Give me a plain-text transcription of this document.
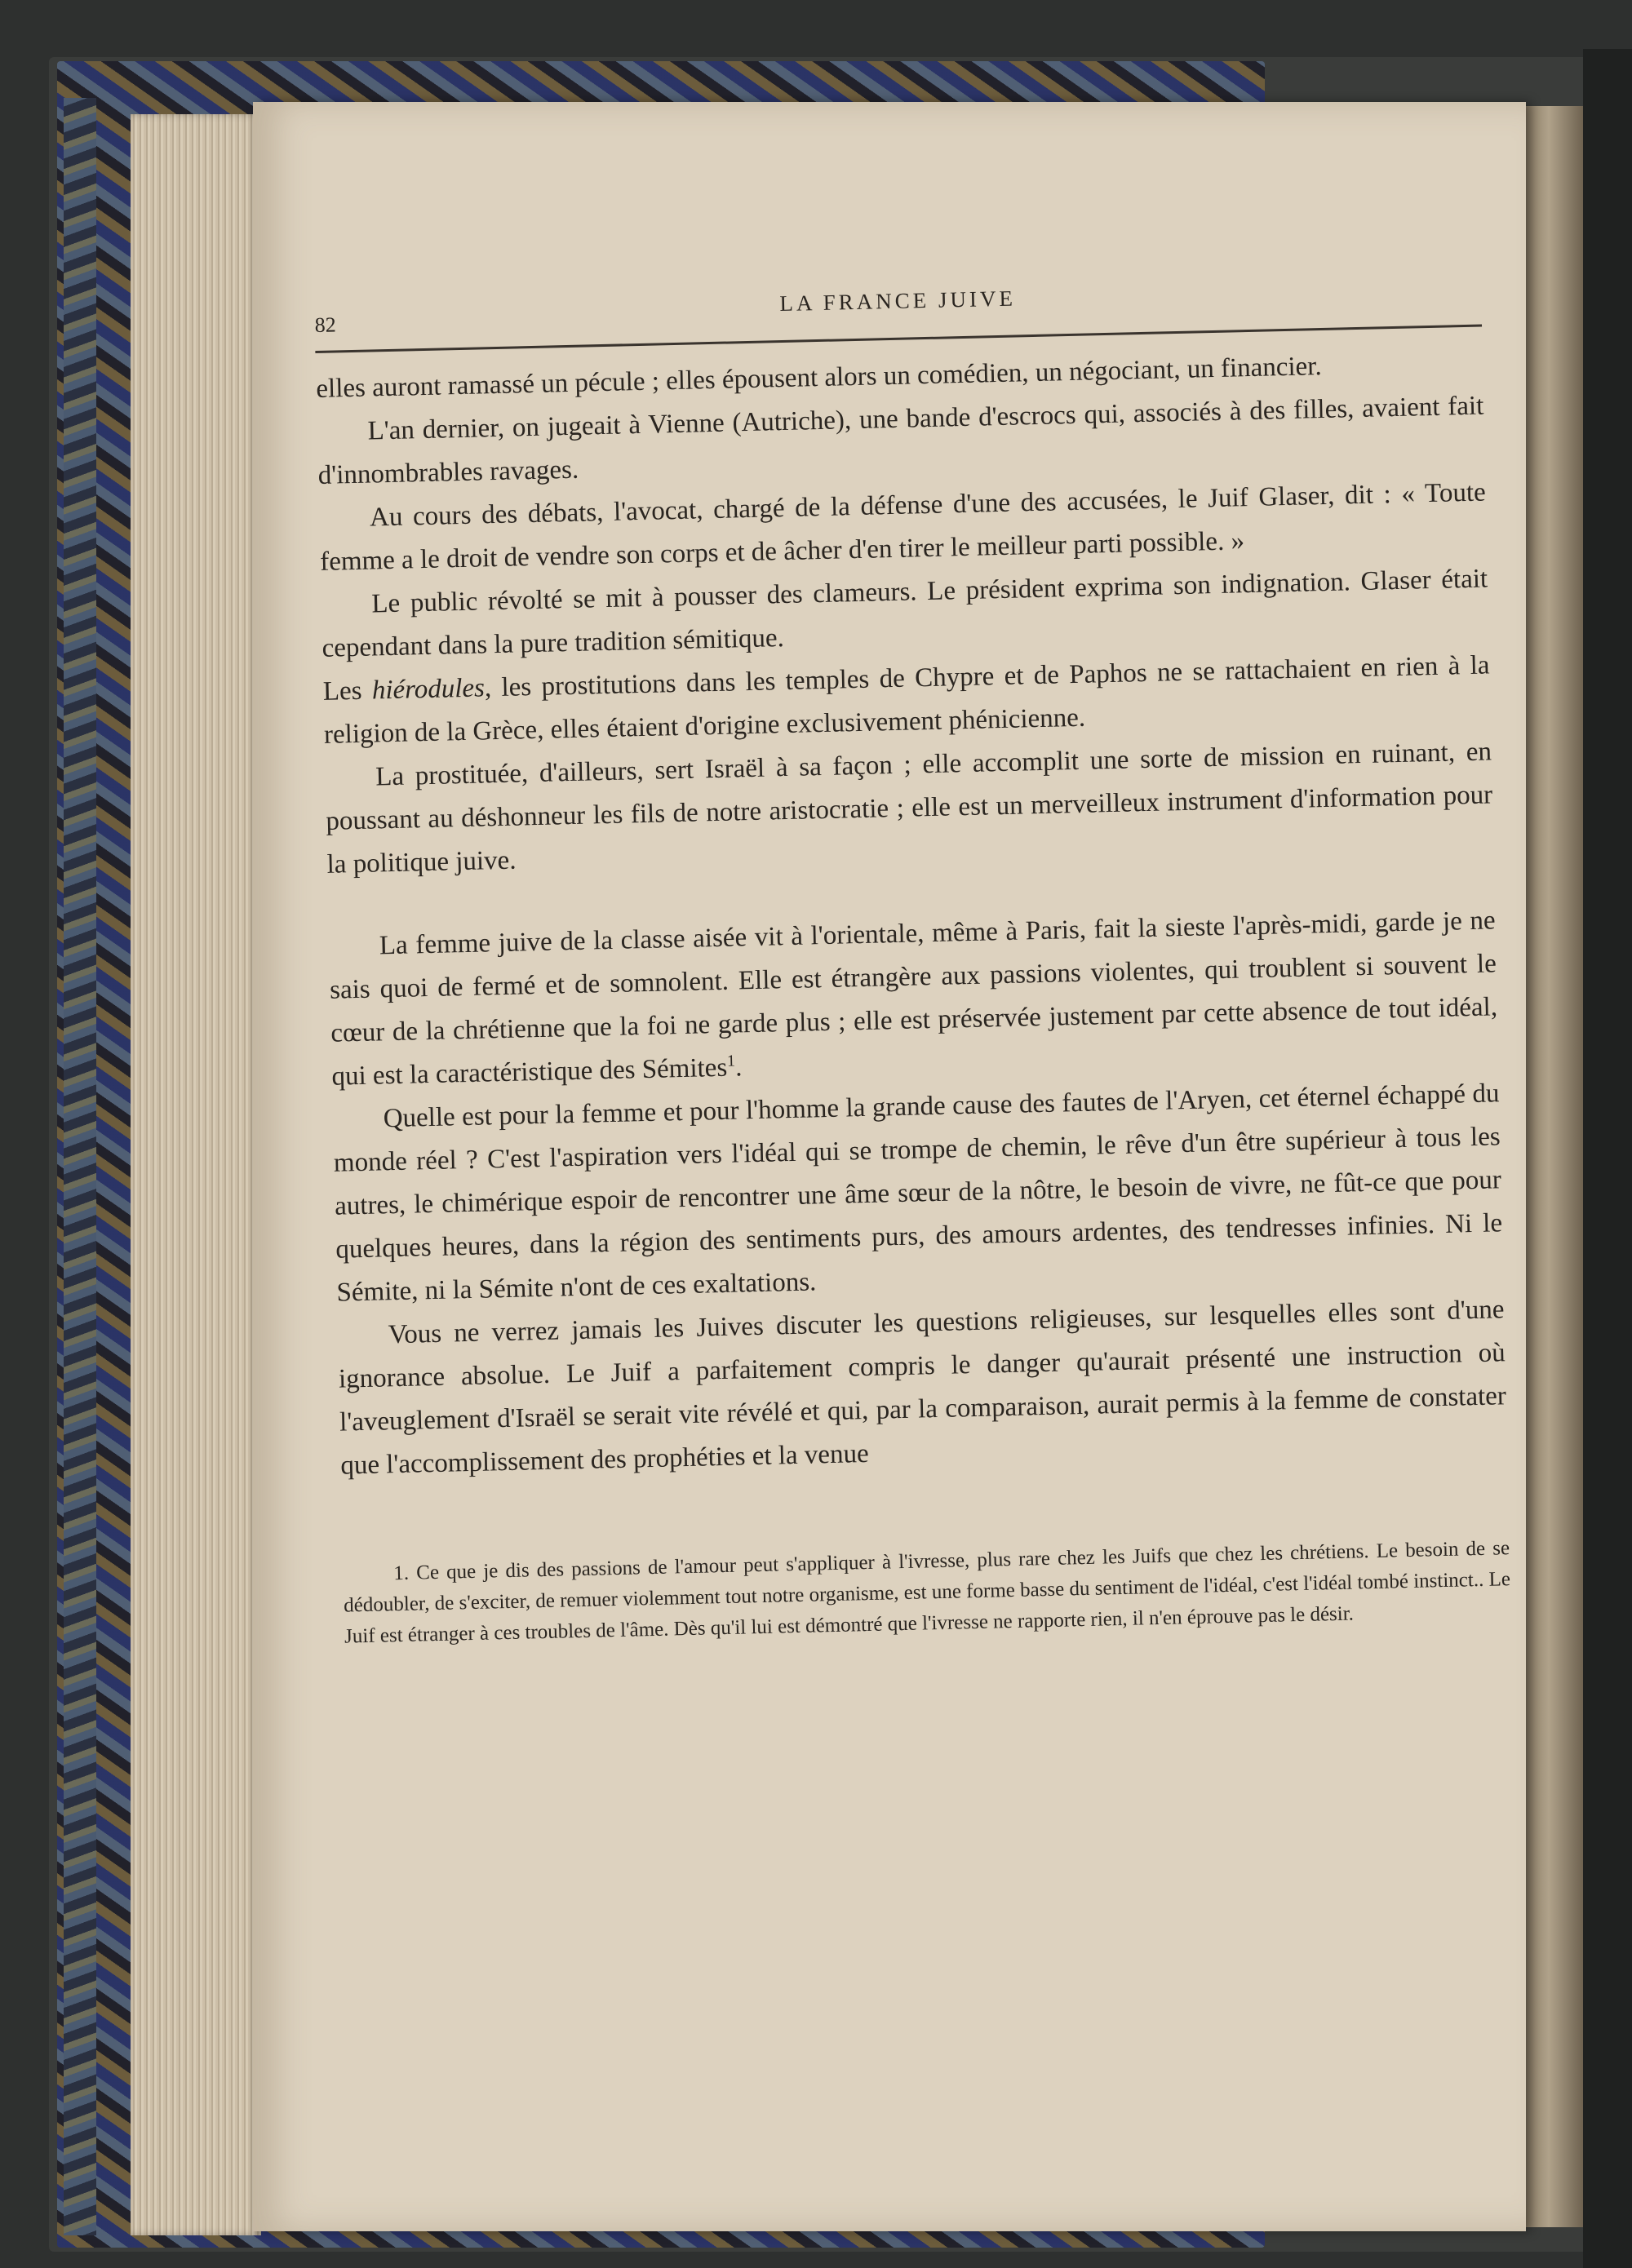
82
LA FRANCE JUIVE

elles auront ramassé un pécule ; elles épousent alors un comédien, un négociant, un financier.

L'an dernier, on jugeait à Vienne (Autriche), une bande d'escrocs qui, associés à des filles, avaient fait d'innombrables ravages.

Au cours des débats, l'avocat, chargé de la défense d'une des accusées, le Juif Glaser, dit : « Toute femme a le droit de vendre son corps et de âcher d'en tirer le meilleur parti possible. »

Le public révolté se mit à pousser des clameurs. Le président exprima son indignation. Glaser était cependant dans la pure tradition sémitique.

Les hiérodules, les prostitutions dans les temples de Chypre et de Paphos ne se rattachaient en rien à la religion de la Grèce, elles étaient d'origine exclusivement phénicienne.

La prostituée, d'ailleurs, sert Israël à sa façon ; elle accomplit une sorte de mission en ruinant, en poussant au déshonneur les fils de notre aristocratie ; elle est un merveilleux instrument d'information pour la politique juive.

La femme juive de la classe aisée vit à l'orientale, même à Paris, fait la sieste l'après-midi, garde je ne sais quoi de fermé et de somnolent. Elle est étrangère aux passions violentes, qui troublent si souvent le cœur de la chrétienne que la foi ne garde plus ; elle est préservée justement par cette absence de tout idéal, qui est la caractéristique des Sémites$^1$.

Quelle est pour la femme et pour l'homme la grande cause des fautes de l'Aryen, cet éternel échappé du monde réel ? C'est l'aspiration vers l'idéal qui se trompe de chemin, le rêve d'un être supérieur à tous les autres, le chimérique espoir de rencontrer une âme sœur de la nôtre, le besoin de vivre, ne fût-ce que pour quelques heures, dans la région des sentiments purs, des amours ardentes, des tendresses infinies. Ni le Sémite, ni la Sémite n'ont de ces exaltations.

Vous ne verrez jamais les Juives discuter les questions religieuses, sur lesquelles elles sont d'une ignorance absolue. Le Juif a parfaitement compris le danger qu'aurait présenté une instruction où l'aveuglement d'Israël se serait vite révélé et qui, par la comparaison, aurait permis à la femme de constater que l'accomplissement des prophéties et la venue

1. Ce que je dis des passions de l'amour peut s'appliquer à l'ivresse, plus rare chez les Juifs que chez les chrétiens. Le besoin de se dédoubler, de s'exciter, de remuer violemment tout notre organisme, est une forme basse du sentiment de l'idéal, c'est l'idéal tombé instinct.. Le Juif est étranger à ces troubles de l'âme. Dès qu'il lui est démontré que l'ivresse ne rapporte rien, il n'en éprouve pas le désir.
